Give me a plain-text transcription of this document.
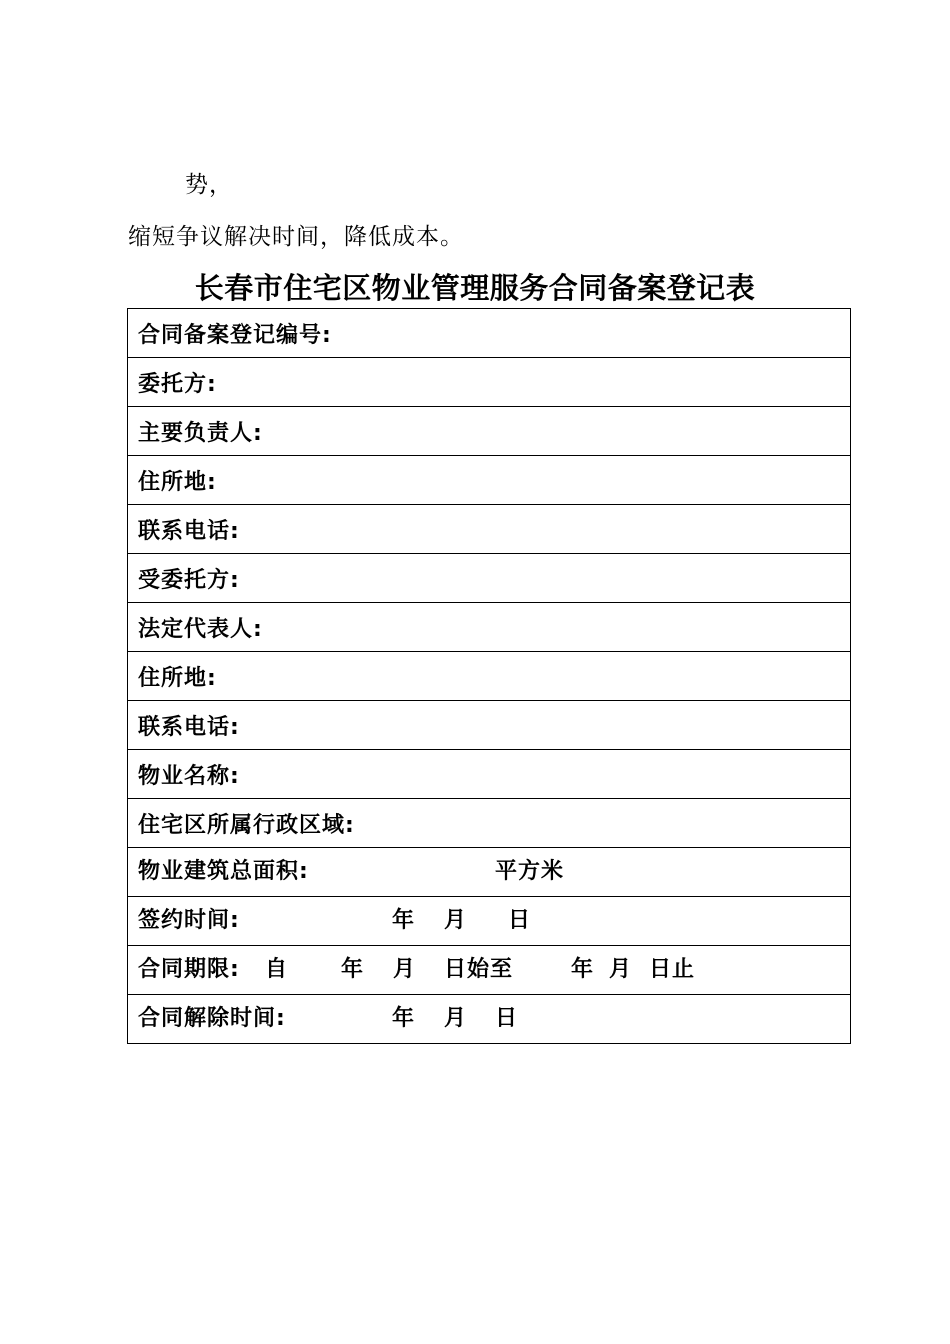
势，
缩短争议解决时间，降低成本。
长春市住宅区物业管理服务合同备案登记表
合同备案登记编号:
委托方:
主要负责人:
住所地:
联系电话:
受委托方:
法定代表人:
住所地:
联系电话:
物业名称:
住宅区所属行政区域:

物业建筑总面积:	平方米

签约时间:	年 月 日

合同期限: 自 年 月 日始至	年 月 日止

合同解除时间:	年 月 日
